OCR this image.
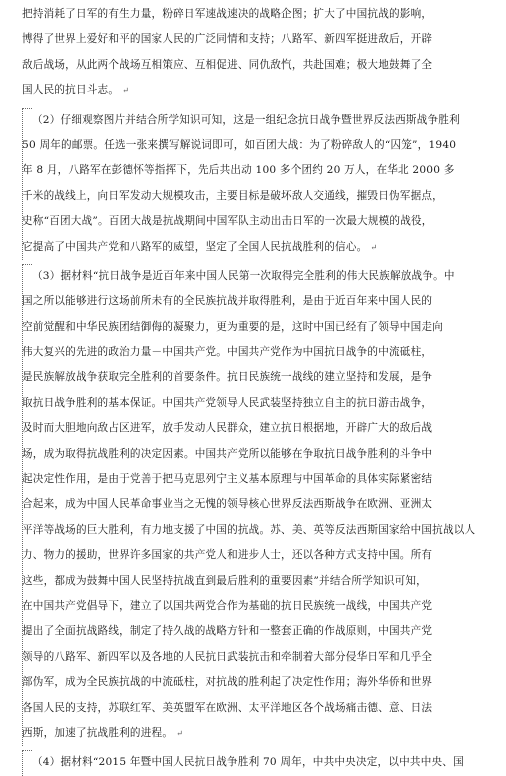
把持消耗了日军的有生力量，粉碎日军速战速决的战略企图；扩大了中国抗战的影响，
博得了世界上爱好和平的国家人民的广泛同情和支持；八路军、新四军挺进敌后，开辟
敌后战场，从此两个战场互相策应、互相促进、同仇敌忾，共赴国难；极大地鼓舞了全
国人民的抗日斗志。 ↵
（2）仔细观察图片并结合所学知识可知，这是一组纪念抗日战争暨世界反法西斯战争胜利
50 周年的邮票。任选一张来撰写解说词即可，如百团大战：为了粉碎敌人的“囚笼”，1940
年 8 月，八路军在彭德怀等指挥下，先后共出动 100 多个团约 20 万人，在华北 2000 多
千米的战线上，向日军发动大规模攻击，主要目标是破坏敌人交通线，摧毁日伪军据点，
史称“百团大战”。百团大战是抗战期间中国军队主动出击日军的一次最大规模的战役，
它提高了中国共产党和八路军的威望，坚定了全国人民抗战胜利的信心。 ↵
（3）据材料“抗日战争是近百年来中国人民第一次取得完全胜利的伟大民族解放战争。中
国之所以能够进行这场前所未有的全民族抗战并取得胜利，是由于近百年来中国人民的
空前觉醒和中华民族团结御侮的凝聚力，更为重要的是，这时中国已经有了领导中国走向
伟大复兴的先进的政治力量－中国共产党。中国共产党作为中国抗日战争的中流砥柱，
是民族解放战争获取完全胜利的首要条件。抗日民族统一战线的建立坚持和发展，是争
取抗日战争胜利的基本保证。中国共产党领导人民武装坚持独立自主的抗日游击战争，
及时而大胆地向敌占区进军，放手发动人民群众，建立抗日根据地，开辟广大的敌后战
场，成为取得抗战胜利的决定因素。中国共产党所以能够在争取抗日战争胜利的斗争中
起决定性作用，是由于党善于把马克思列宁主义基本原理与中国革命的具体实际紧密结
合起来，成为中国人民革命事业当之无愧的领导核心世界反法西斯战争在欧洲、亚洲太
平洋等战场的巨大胜利，有力地支援了中国的抗战。苏、美、英等反法西斯国家给中国抗战以人
力、物力的援助，世界许多国家的共产党人和进步人士，还以各种方式支持中国。所有
这些，都成为鼓舞中国人民坚持抗战直到最后胜利的重要因素”并结合所学知识可知，
在中国共产党倡导下，建立了以国共两党合作为基础的抗日民族统一战线，中国共产党
提出了全面抗战路线，制定了持久战的战略方针和一整套正确的作战原则，中国共产党
领导的八路军、新四军以及各地的人民抗日武装抗击和牵制着大部分侵华日军和几乎全
部伪军，成为全民族抗战的中流砥柱，对抗战的胜利起了决定性作用；海外华侨和世界
各国人民的支持，苏联红军、美英盟军在欧洲、太平洋地区各个战场痛击德、意、日法
西斯，加速了抗战胜利的进程。 ↵
（4）据材料“2015 年暨中国人民抗日战争胜利 70 周年，中共中央决定，以中共中央、国
